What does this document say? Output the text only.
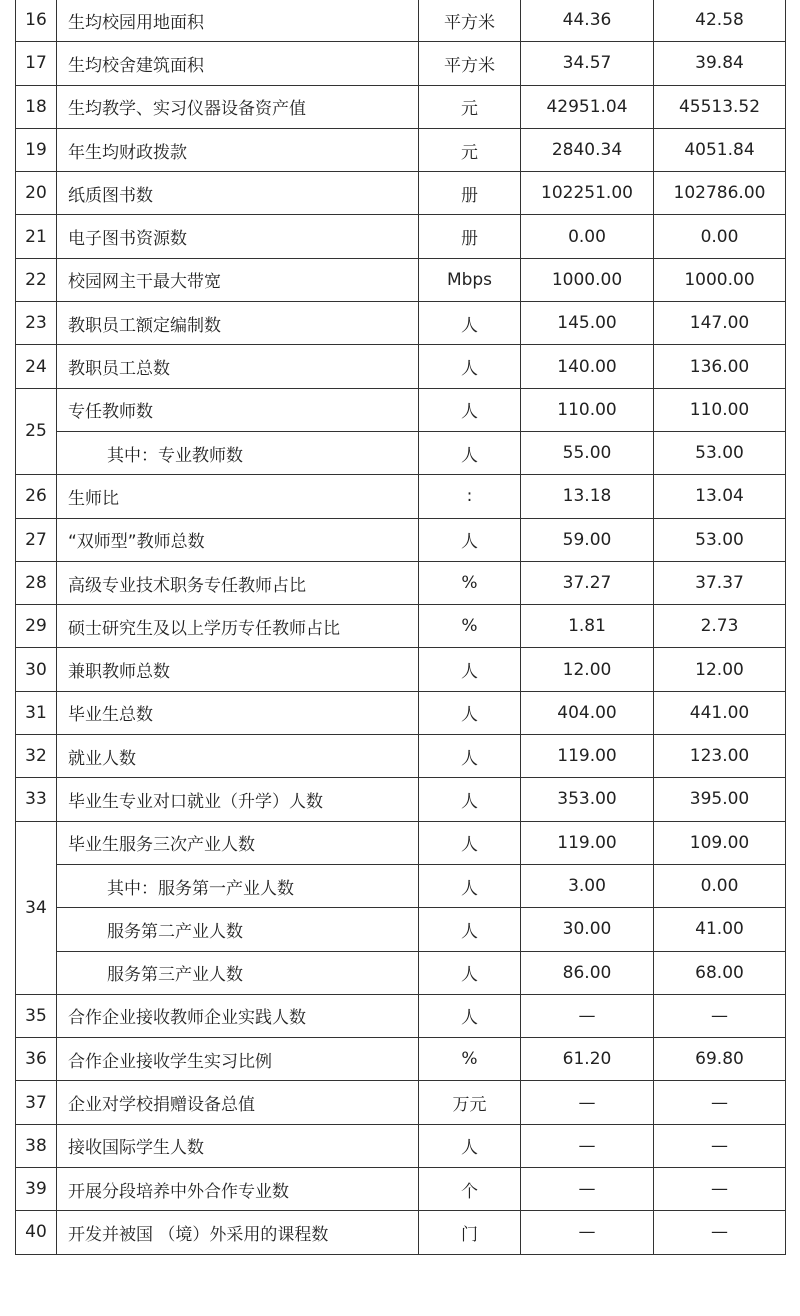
16	生均校园用地面积	平方米	44.36	42.58
17	生均校舍建筑面积	平方米	34.57	39.84
18	生均教学、实习仪器设备资产值	元	42951.04	45513.52
19	年生均财政拨款	元	2840.34	4051.84
20	纸质图书数	册	102251.00	102786.00
21	电子图书资源数	册	0.00	0.00
22	校园网主干最大带宽	Mbps	1000.00	1000.00
23	教职员工额定编制数	人	145.00	147.00
24	教职员工总数	人	140.00	136.00
25	专任教师数	人	110.00	110.00
	其中：专业教师数	人	55.00	53.00
26	生师比	:	13.18	13.04
27	“双师型”教师总数	人	59.00	53.00
28	高级专业技术职务专任教师占比	%	37.27	37.37
29	硕士研究生及以上学历专任教师占比	%	1.81	2.73
30	兼职教师总数	人	12.00	12.00
31	毕业生总数	人	404.00	441.00
32	就业人数	人	119.00	123.00
33	毕业生专业对口就业（升学）人数	人	353.00	395.00
34	毕业生服务三次产业人数	人	119.00	109.00
	其中：服务第一产业人数	人	3.00	0.00
	服务第二产业人数	人	30.00	41.00
	服务第三产业人数	人	86.00	68.00
35	合作企业接收教师企业实践人数	人	—	—
36	合作企业接收学生实习比例	%	61.20	69.80
37	企业对学校捐赠设备总值	万元	—	—
38	接收国际学生人数	人	—	—
39	开展分段培养中外合作专业数	个	—	—
40	开发并被国 （境）外采用的课程数	门	—	—
